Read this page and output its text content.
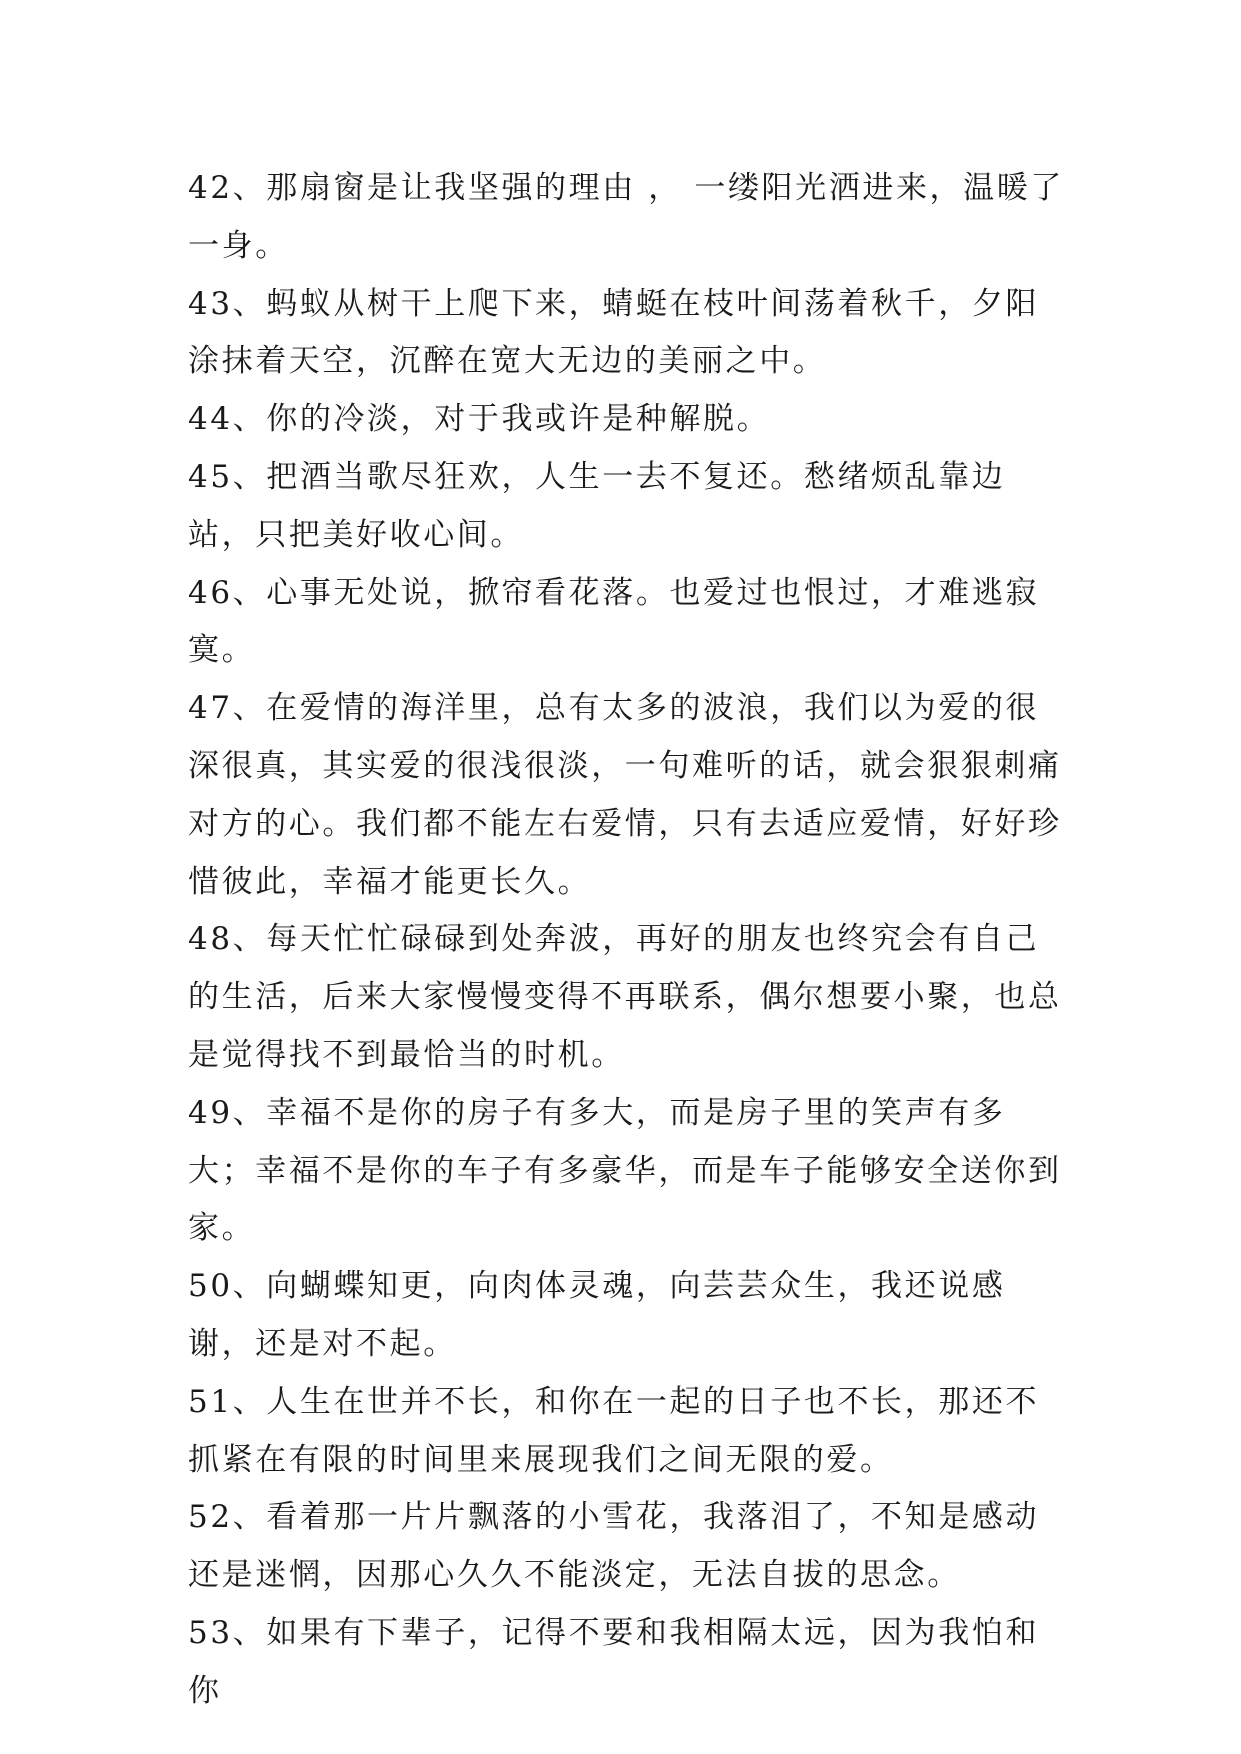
42、那扇窗是让我坚强的理由 ， 一缕阳光洒进来，温暖了一身。

43、蚂蚁从树干上爬下来，蜻蜓在枝叶间荡着秋千，夕阳涂抹着天空，沉醉在宽大无边的美丽之中。

44、你的冷淡，对于我或许是种解脱。

45、把酒当歌尽狂欢，人生一去不复还。愁绪烦乱靠边站，只把美好收心间。

46、心事无处说，掀帘看花落。也爱过也恨过，才难逃寂寞。

47、在爱情的海洋里，总有太多的波浪，我们以为爱的很深很真，其实爱的很浅很淡，一句难听的话，就会狠狠刺痛对方的心。我们都不能左右爱情，只有去适应爱情，好好珍惜彼此，幸福才能更长久。

48、每天忙忙碌碌到处奔波，再好的朋友也终究会有自己的生活，后来大家慢慢变得不再联系，偶尔想要小聚，也总是觉得找不到最恰当的时机。

49、幸福不是你的房子有多大，而是房子里的笑声有多大；幸福不是你的车子有多豪华，而是车子能够安全送你到家。

50、向蝴蝶知更，向肉体灵魂，向芸芸众生，我还说感谢，还是对不起。

51、人生在世并不长，和你在一起的日子也不长，那还不抓紧在有限的时间里来展现我们之间无限的爱。

52、看着那一片片飘落的小雪花，我落泪了，不知是感动还是迷惘，因那心久久不能淡定，无法自拔的思念。

53、如果有下辈子，记得不要和我相隔太远，因为我怕和你
